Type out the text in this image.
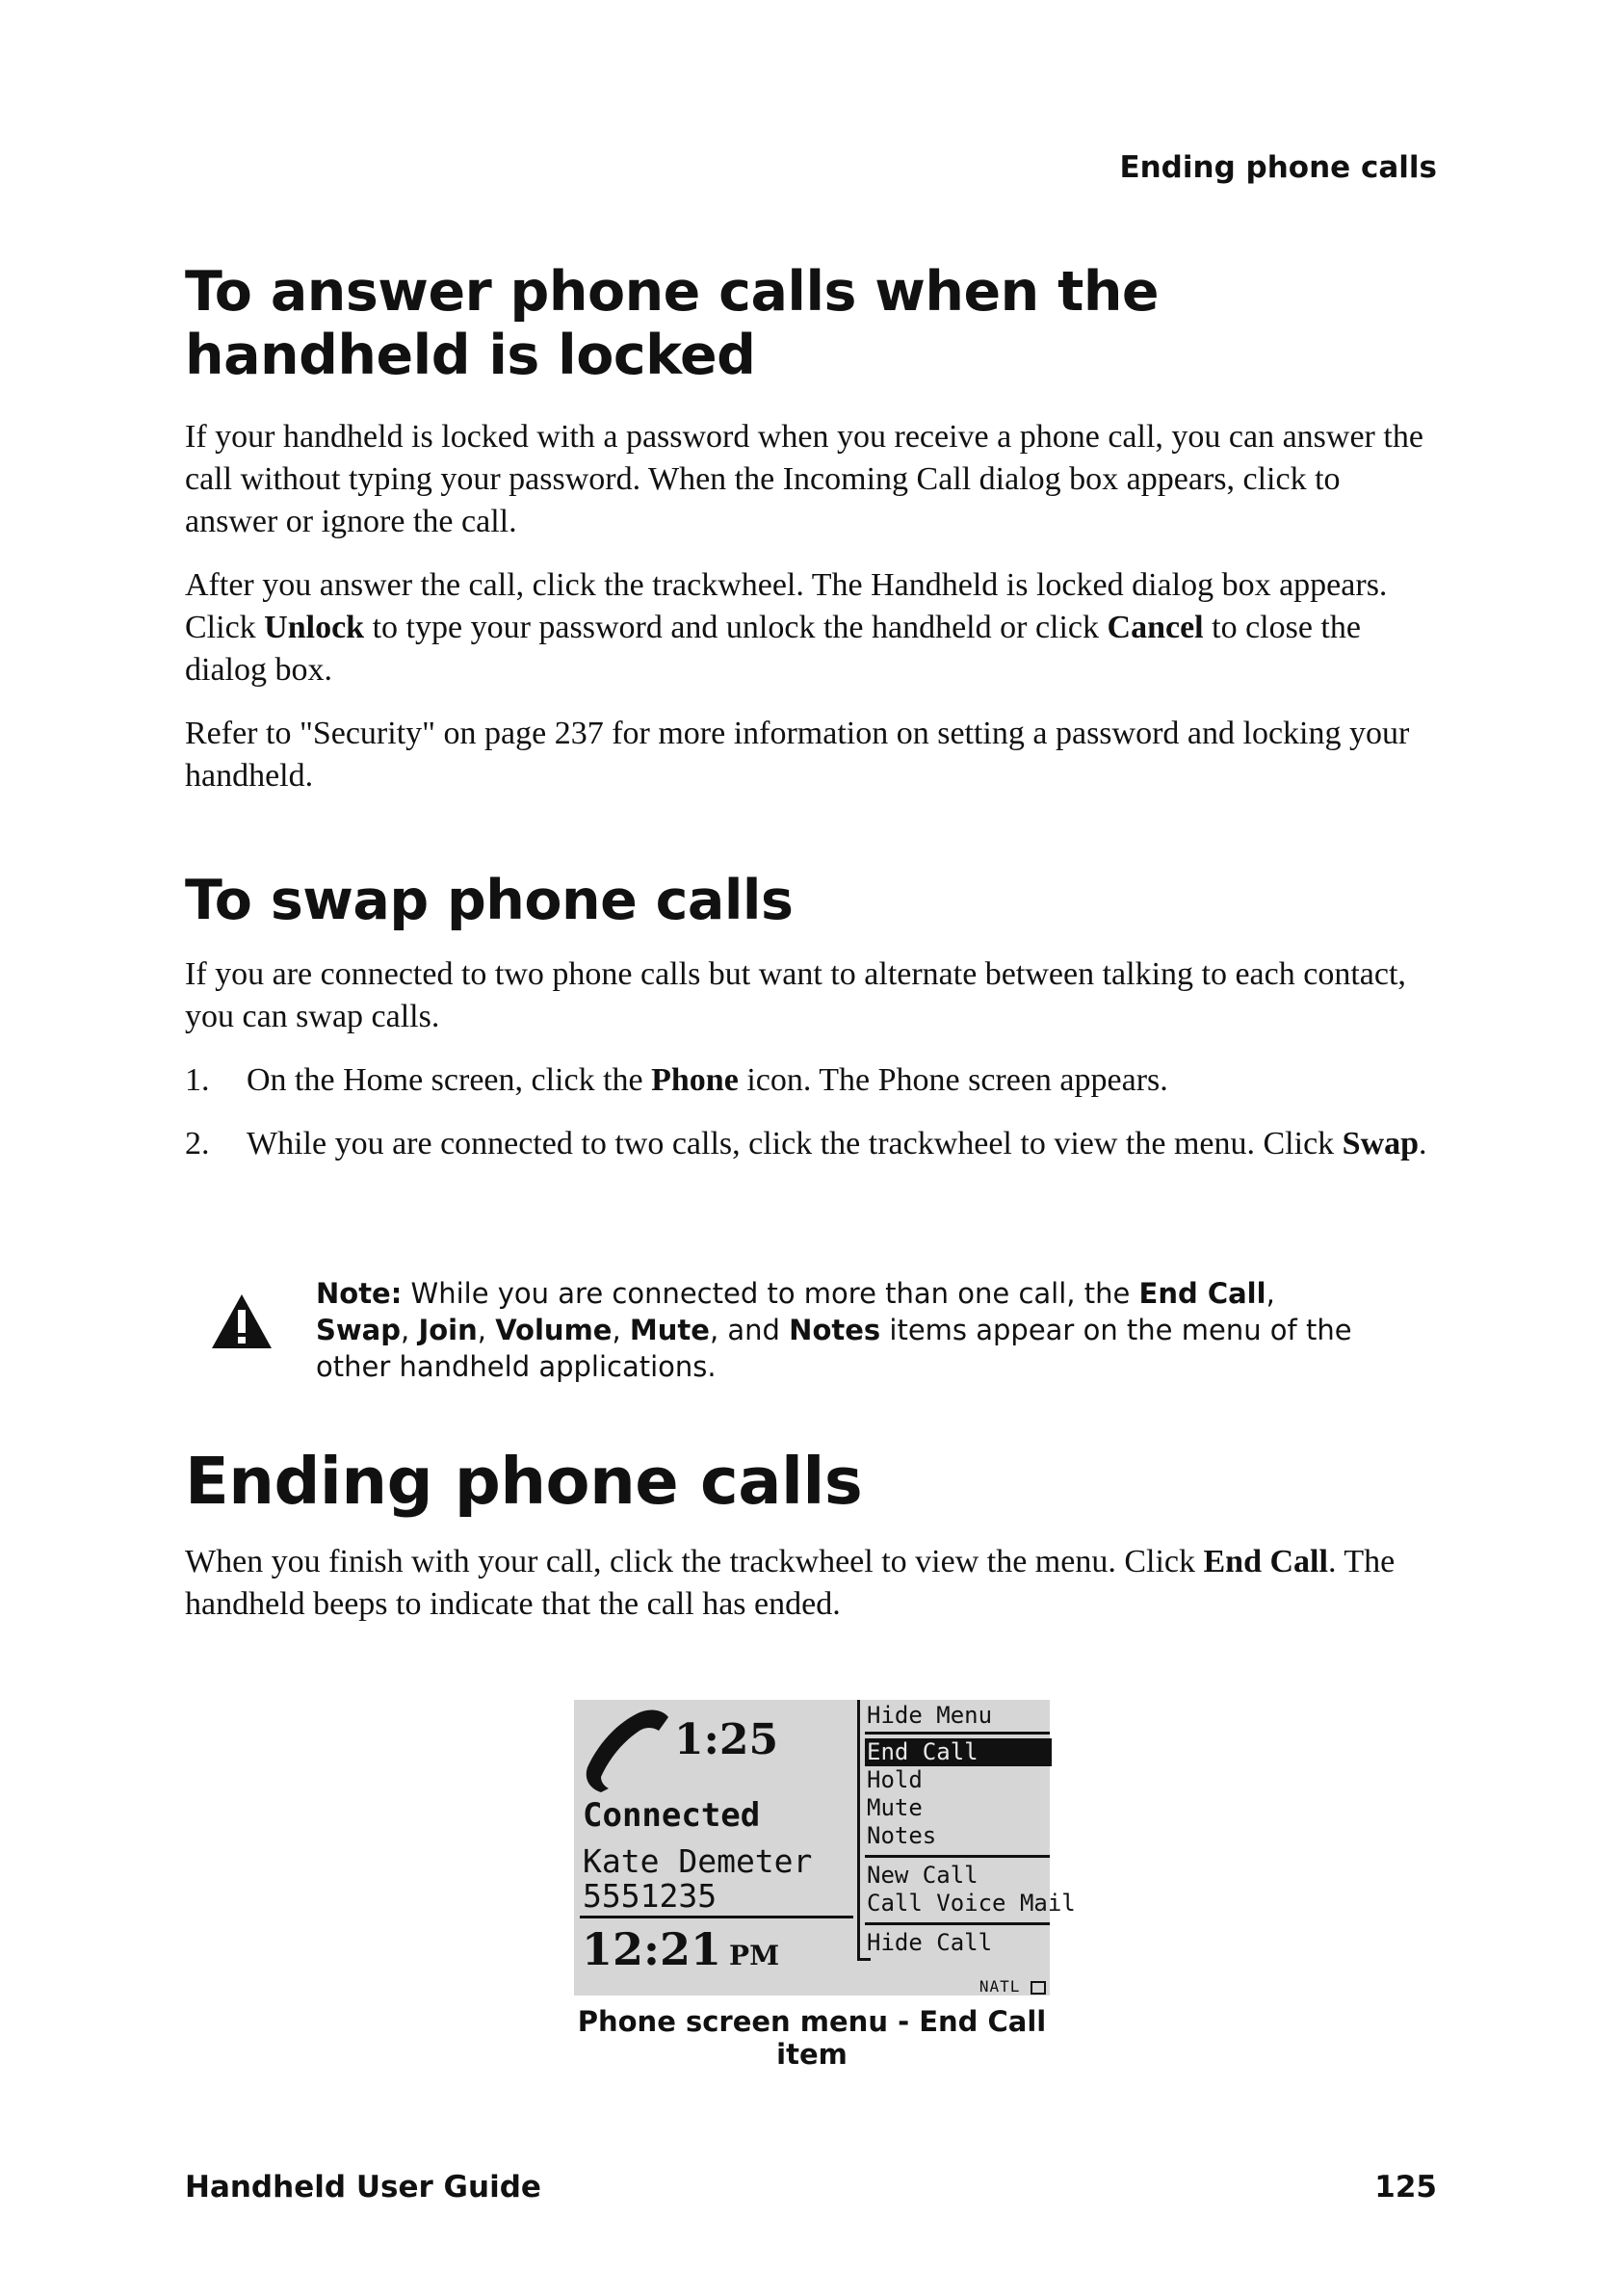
Ending phone calls
To answer phone calls when the handheld is locked

If your handheld is locked with a password when you receive a phone call, you can answer the call without typing your password. When the Incoming Call dialog box appears, click to answer or ignore the call.

After you answer the call, click the trackwheel. The Handheld is locked dialog box appears. Click Unlock to type your password and unlock the handheld or click Cancel to close the dialog box.

Refer to "Security" on page 237 for more information on setting a password and locking your handheld.

To swap phone calls

If you are connected to two phone calls but want to alternate between talking to each contact, you can swap calls.

1. On the Home screen, click the Phone icon. The Phone screen appears.
2. While you are connected to two calls, click the trackwheel to view the menu. Click Swap.
Note: While you are connected to more than one call, the End Call, Swap, Join, Volume, Mute, and Notes items appear on the menu of the other handheld applications.
Ending phone calls

When you finish with your call, click the trackwheel to view the menu. Click End Call. The handheld beeps to indicate that the call has ended.

1:25
Connected
Kate Demeter
5551235
12:21 PM
Hide Menu
End Call
Hold
Mute
Notes
New Call
Call Voice Mail
Hide Call
NATL
Phone screen menu - End Call item
Handheld User Guide	125
